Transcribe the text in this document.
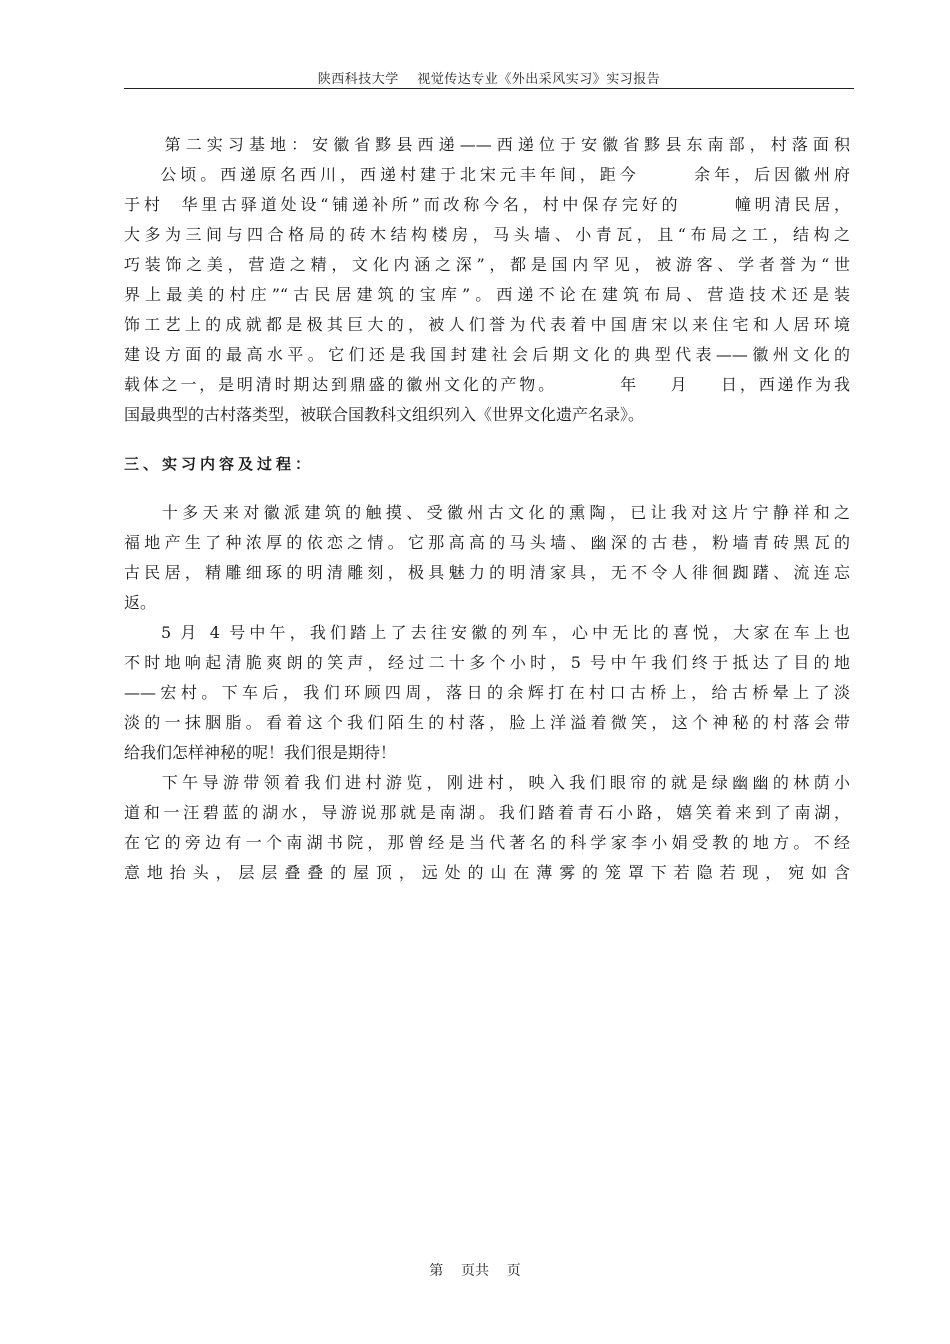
陕西科技大学    视觉传达专业《外出采风实习》实习报告
第二实习基地：安徽省黟县西递——西递位于安徽省黟县东南部，村落面积
公顷。西递原名西川，西递村建于北宋元丰年间，距今      余年，后因徽州府
于村  华里古驿道处设“铺递补所”而改称今名，村中保存完好的      幢明清民居，
大多为三间与四合格局的砖木结构楼房，马头墙、小青瓦，且“布局之工，结构之
巧装饰之美，营造之精，文化内涵之深”，都是国内罕见，被游客、学者誉为“世
界上最美的村庄”“古民居建筑的宝库”。西递不论在建筑布局、营造技术还是装
饰工艺上的成就都是极其巨大的，被人们誉为代表着中国唐宋以来住宅和人居环境
建设方面的最高水平。它们还是我国封建社会后期文化的典型代表——徽州文化的
载体之一，是明清时期达到鼎盛的徽州文化的产物。        年    月    日，西递作为我
国最典型的古村落类型，被联合国教科文组织列入《世界文化遗产名录》。
三、实习内容及过程：
十多天来对徽派建筑的触摸、受徽州古文化的熏陶，已让我对这片宁静祥和之
福地产生了种浓厚的依恋之情。它那高高的马头墙、幽深的古巷，粉墙青砖黑瓦的
古民居，精雕细琢的明清雕刻，极具魅力的明清家具，无不令人徘徊踟躇、流连忘
返。
5 月 4 号中午，我们踏上了去往安徽的列车，心中无比的喜悦，大家在车上也
不时地响起清脆爽朗的笑声，经过二十多个小时，5 号中午我们终于抵达了目的地
——宏村。下车后，我们环顾四周，落日的余辉打在村口古桥上，给古桥晕上了淡
淡的一抹胭脂。看着这个我们陌生的村落，脸上洋溢着微笑，这个神秘的村落会带
给我们怎样神秘的呢！我们很是期待！
下午导游带领着我们进村游览，刚进村，映入我们眼帘的就是绿幽幽的林荫小
道和一汪碧蓝的湖水，导游说那就是南湖。我们踏着青石小路，嬉笑着来到了南湖，
在它的旁边有一个南湖书院，那曾经是当代著名的科学家李小娟受教的地方。不经
意地抬头，层层叠叠的屋顶，远处的山在薄雾的笼罩下若隐若现，宛如含
第    页共    页
